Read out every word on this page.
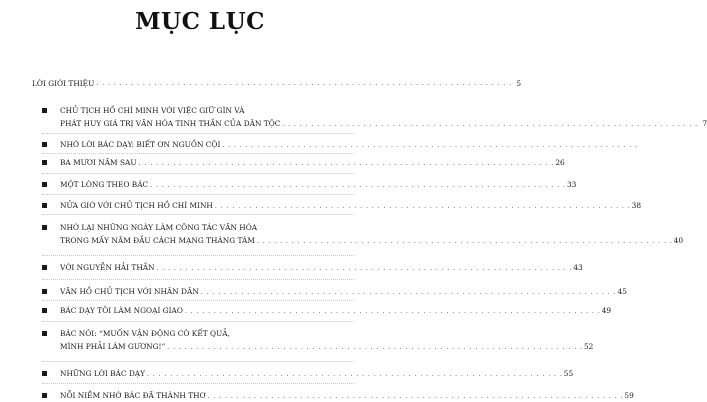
MỤC LỤC
LỜI GIỚI THIỆU . . . . . . . . . . . . . . . . . . . . . . . . . . . . . . . . . . . . . . . . . . . . . . . . . . . . . . . . . . . . . . . . . . . . . . . . 5
CHỦ TỊCH HỒ CHÍ MINH VỚI VIỆC GIỮ GÌN VÀ
PHÁT HUY GIÁ TRỊ VĂN HÓA TINH THẦN CỦA DÂN TỘC . . . . . . . . . . . . . . . . . . . . . . . . . . . . . . . . . . . . . . . . . . . . . . . . . . . . . . . . . . . . . . . . . . . . . . . . 7
NHỚ LỜI BÁC DẠY: BIẾT ƠN NGUỒN CỘI . . . . . . . . . . . . . . . . . . . . . . . . . . . . . . . . . . . . . . . . . . . . . . . . . . . . . . . . . . . . . . . . . . . . . . . .
BA MƯƠI NĂM SAU . . . . . . . . . . . . . . . . . . . . . . . . . . . . . . . . . . . . . . . . . . . . . . . . . . . . . . . . . . . . . . . . . . . . . . . . 26
MỘT LÒNG THEO BÁC . . . . . . . . . . . . . . . . . . . . . . . . . . . . . . . . . . . . . . . . . . . . . . . . . . . . . . . . . . . . . . . . . . . . . . . . 33
NỬA GIỜ VỚI CHỦ TỊCH HỒ CHÍ MINH . . . . . . . . . . . . . . . . . . . . . . . . . . . . . . . . . . . . . . . . . . . . . . . . . . . . . . . . . . . . . . . . . . . . . . . . 38
NHỚ LẠI NHỮNG NGÀY LÀM CÔNG TÁC VĂN HÓA
TRONG MẤY NĂM ĐẦU CÁCH MẠNG THÁNG TÁM . . . . . . . . . . . . . . . . . . . . . . . . . . . . . . . . . . . . . . . . . . . . . . . . . . . . . . . . . . . . . . . . . . . . . . . . 40
VỚI NGUYỄN HẢI THẦN . . . . . . . . . . . . . . . . . . . . . . . . . . . . . . . . . . . . . . . . . . . . . . . . . . . . . . . . . . . . . . . . . . . . . . . . 43
VĂN HỒ CHỦ TỊCH VỚI NHÂN DÂN . . . . . . . . . . . . . . . . . . . . . . . . . . . . . . . . . . . . . . . . . . . . . . . . . . . . . . . . . . . . . . . . . . . . . . . . 45
BÁC DẠY TÔI LÀM NGOẠI GIAO . . . . . . . . . . . . . . . . . . . . . . . . . . . . . . . . . . . . . . . . . . . . . . . . . . . . . . . . . . . . . . . . . . . . . . . . 49
BÁC NÓI: “MUỐN VẬN ĐỘNG CÓ KẾT QUẢ,
MÌNH PHẢI LÀM GƯƠNG!” . . . . . . . . . . . . . . . . . . . . . . . . . . . . . . . . . . . . . . . . . . . . . . . . . . . . . . . . . . . . . . . . . . . . . . . . 52
NHỮNG LỜI BÁC DẠY . . . . . . . . . . . . . . . . . . . . . . . . . . . . . . . . . . . . . . . . . . . . . . . . . . . . . . . . . . . . . . . . . . . . . . . . 55
NỖI NIỀM NHỚ BÁC ĐÃ THÀNH THƠ . . . . . . . . . . . . . . . . . . . . . . . . . . . . . . . . . . . . . . . . . . . . . . . . . . . . . . . . . . . . . . . . . . . . . . . . 59
